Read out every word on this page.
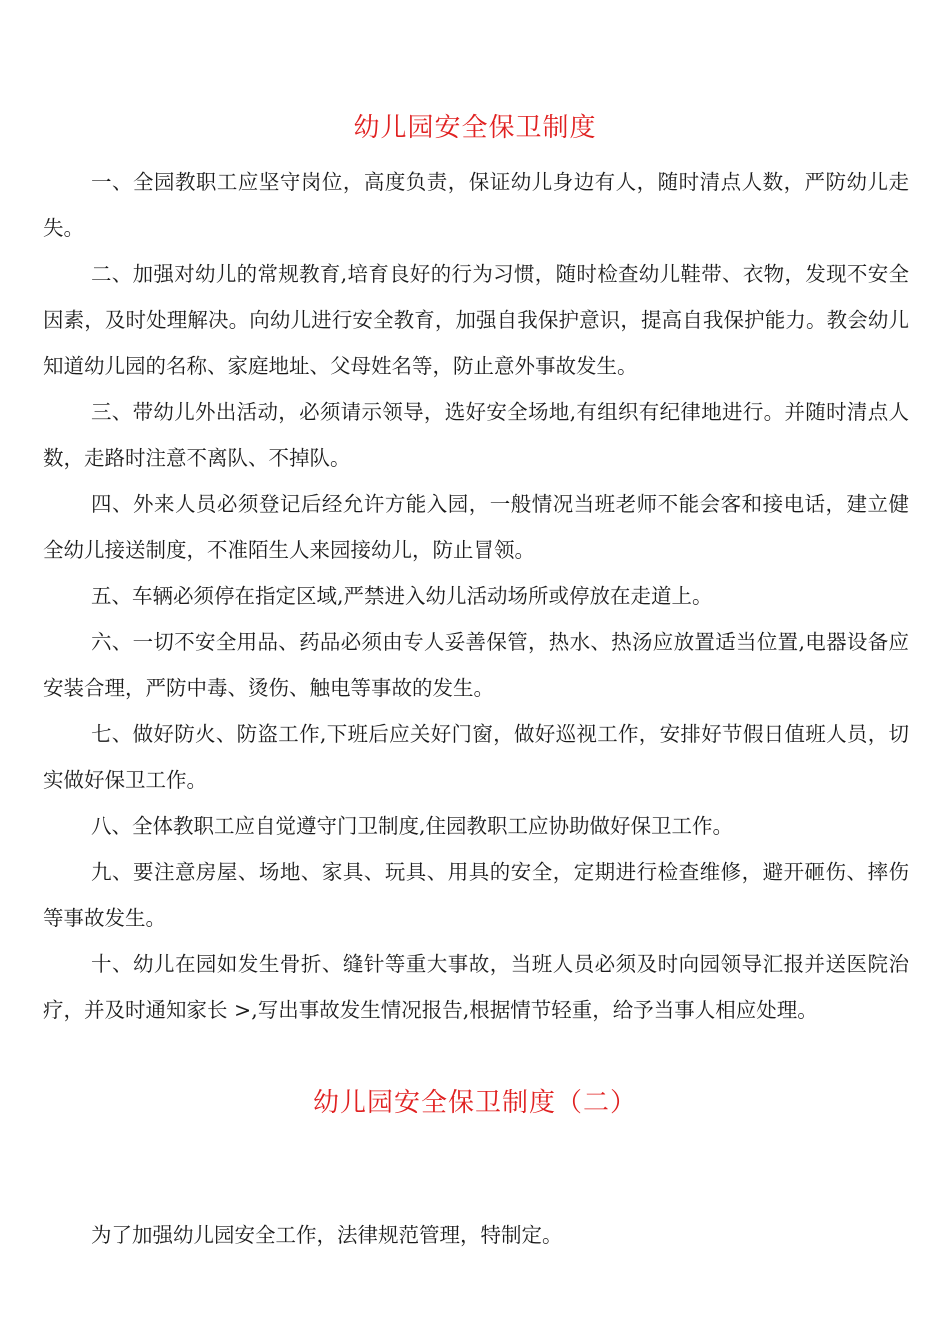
幼儿园安全保卫制度

一、全园教职工应坚守岗位，高度负责，保证幼儿身边有人，随时清点人数，严防幼儿走失。

二、加强对幼儿的常规教育,培育良好的行为习惯，随时检查幼儿鞋带、衣物，发现不安全因素，及时处理解决。向幼儿进行安全教育，加强自我保护意识，提高自我保护能力。教会幼儿知道幼儿园的名称、家庭地址、父母姓名等，防止意外事故发生。

三、带幼儿外出活动，必须请示领导，选好安全场地,有组织有纪律地进行。并随时清点人数，走路时注意不离队、不掉队。

四、外来人员必须登记后经允许方能入园，一般情况当班老师不能会客和接电话，建立健全幼儿接送制度，不准陌生人来园接幼儿，防止冒领。

五、车辆必须停在指定区域,严禁进入幼儿活动场所或停放在走道上。

六、一切不安全用品、药品必须由专人妥善保管，热水、热汤应放置适当位置,电器设备应安装合理，严防中毒、烫伤、触电等事故的发生。

七、做好防火、防盗工作,下班后应关好门窗，做好巡视工作，安排好节假日值班人员，切实做好保卫工作。

八、全体教职工应自觉遵守门卫制度,住园教职工应协助做好保卫工作。

九、要注意房屋、场地、家具、玩具、用具的安全，定期进行检查维修，避开砸伤、摔伤等事故发生。

十、幼儿在园如发生骨折、缝针等重大事故，当班人员必须及时向园领导汇报并送医院治疗，并及时通知家长 >,写出事故发生情况报告,根据情节轻重，给予当事人相应处理。

幼儿园安全保卫制度（二）

为了加强幼儿园安全工作，法律规范管理，特制定。
